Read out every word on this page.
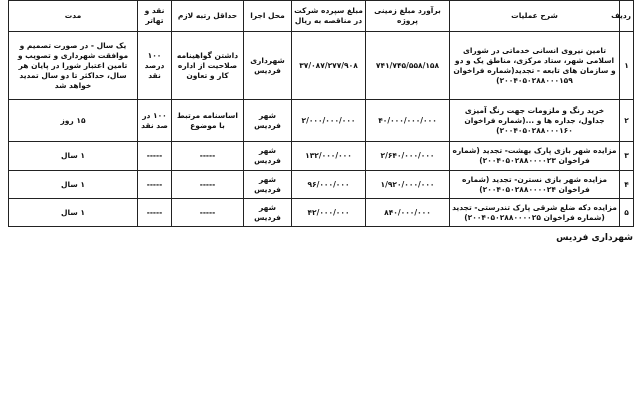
ردیف	شرح عملیات	برآورد مبلغ زمینی پروژه	مبلغ سپرده شرکت در مناقصه به ریال	محل اجرا	حداقل رتبه لازم	نقد و تهاتر	مدت
۱	تامین نیروی انسانی خدماتی در شورای اسلامی شهر، ستاد مرکزی، مناطق یک و دو و سازمان های تابعه - تجدید(شماره فراخوان ۲۰۰۴۰۵۰۲۸۸۰۰۰۱۵۹)	۷۴۱/۷۴۵/۵۵۸/۱۵۸	۳۷/۰۸۷/۲۷۷/۹۰۸	شهرداری فردیس	داشتن گواهینامه صلاحیت از اداره کار و تعاون	۱۰۰ درصد نقد	یک سال - در صورت تصمیم و موافقت شهرداری و تصویب و تامین اعتبار شورا در پایان هر سال، حداکثر تا دو سال تمدید خواهد شد
۲	خرید رنگ و ملزومات جهت رنگ آمیزی جداول، جداره ها و ...(شماره فراخوان ۲۰۰۴۰۵۰۲۸۸۰۰۰۱۶۰)	۴۰/۰۰۰/۰۰۰/۰۰۰	۲/۰۰۰/۰۰۰/۰۰۰	شهر فردیس	اساسنامه مرتبط با موضوع	۱۰۰ در صد نقد	۱۵ روز
۳	مزایده شهر بازی پارک بهشت- تجدید (شماره فراخوان ۲۰۰۴۰۵۰۲۸۸۰۰۰۰۲۳)	۲/۶۴۰/۰۰۰/۰۰۰	۱۳۲/۰۰۰/۰۰۰	شهر فردیس	-----	-----	۱ سال
۴	مزایده شهر بازی نسترن- تجدید (شماره فراخوان ۲۰۰۴۰۵۰۲۸۸۰۰۰۰۲۴)	۱/۹۲۰/۰۰۰/۰۰۰	۹۶/۰۰۰/۰۰۰	شهر فردیس	-----	-----	۱ سال
۵	مزایده دکه ضلع شرقی پارک تندرستی- تجدید (شماره فراخوان ۲۰۰۴۰۵۰۲۸۸۰۰۰۰۲۵)	۸۴۰/۰۰۰/۰۰۰	۴۲/۰۰۰/۰۰۰	شهر فردیس	-----	-----	۱ سال
شهرداری فردیس
